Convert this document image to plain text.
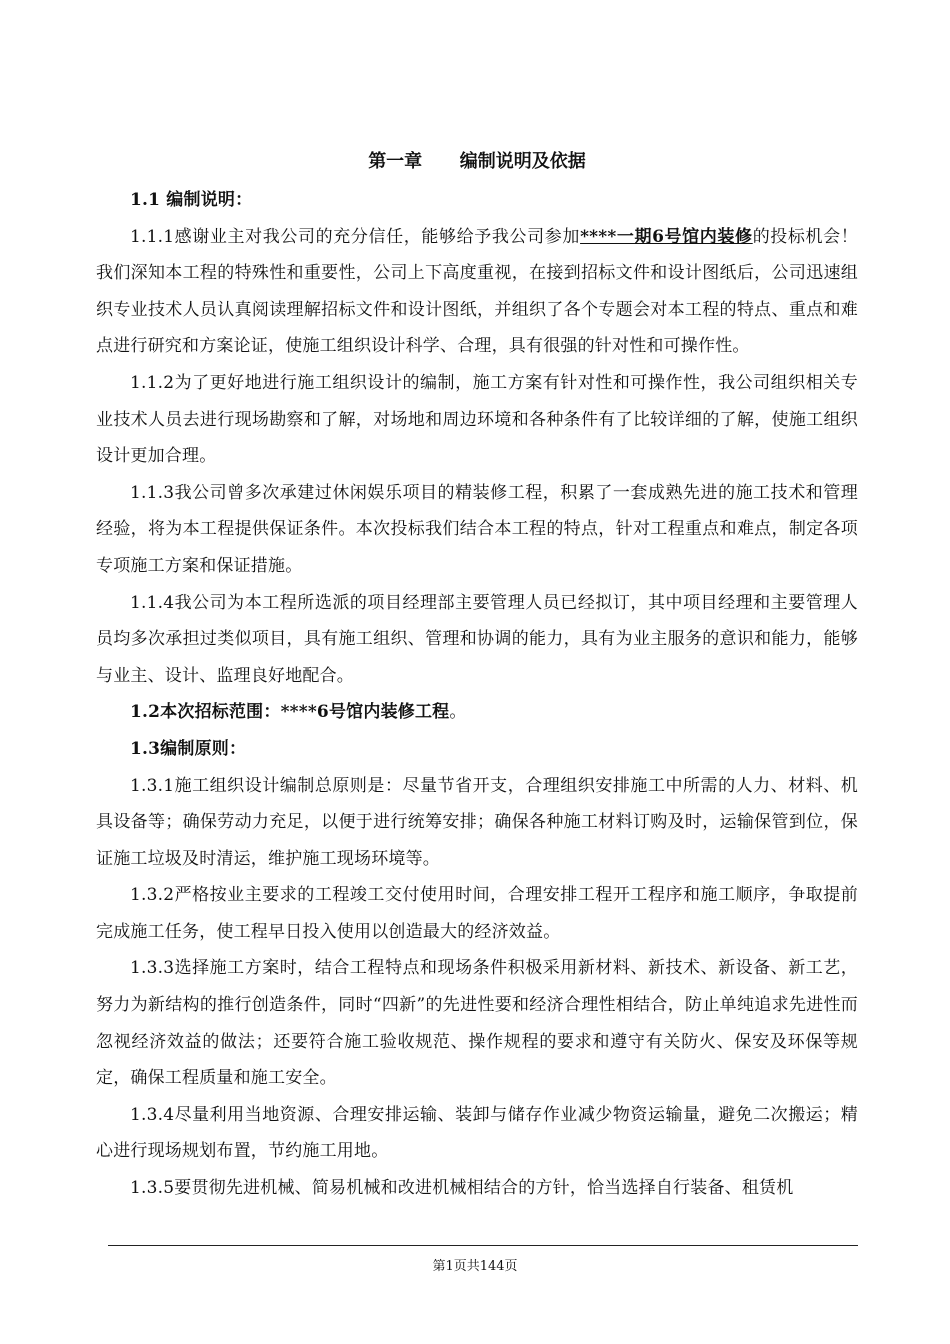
第一章      编制说明及依据

1.1 编制说明：

1.1.1感谢业主对我公司的充分信任，能够给予我公司参加****一期6号馆内装修的投标机会！我们深知本工程的特殊性和重要性，公司上下高度重视，在接到招标文件和设计图纸后，公司迅速组织专业技术人员认真阅读理解招标文件和设计图纸，并组织了各个专题会对本工程的特点、重点和难点进行研究和方案论证，使施工组织设计科学、合理，具有很强的针对性和可操作性。

1.1.2为了更好地进行施工组织设计的编制，施工方案有针对性和可操作性，我公司组织相关专业技术人员去进行现场勘察和了解，对场地和周边环境和各种条件有了比较详细的了解，使施工组织设计更加合理。

1.1.3我公司曾多次承建过休闲娱乐项目的精装修工程，积累了一套成熟先进的施工技术和管理经验，将为本工程提供保证条件。本次投标我们结合本工程的特点，针对工程重点和难点，制定各项专项施工方案和保证措施。

1.1.4我公司为本工程所选派的项目经理部主要管理人员已经拟订，其中项目经理和主要管理人员均多次承担过类似项目，具有施工组织、管理和协调的能力，具有为业主服务的意识和能力，能够与业主、设计、监理良好地配合。

1.2本次招标范围：****6号馆内装修工程。

1.3编制原则：

1.3.1施工组织设计编制总原则是：尽量节省开支，合理组织安排施工中所需的人力、材料、机具设备等；确保劳动力充足，以便于进行统筹安排；确保各种施工材料订购及时，运输保管到位，保证施工垃圾及时清运，维护施工现场环境等。

1.3.2严格按业主要求的工程竣工交付使用时间，合理安排工程开工程序和施工顺序，争取提前完成施工任务，使工程早日投入使用以创造最大的经济效益。

1.3.3选择施工方案时，结合工程特点和现场条件积极采用新材料、新技术、新设备、新工艺，努力为新结构的推行创造条件，同时“四新”的先进性要和经济合理性相结合，防止单纯追求先进性而忽视经济效益的做法；还要符合施工验收规范、操作规程的要求和遵守有关防火、保安及环保等规定，确保工程质量和施工安全。

1.3.4尽量利用当地资源、合理安排运输、装卸与储存作业减少物资运输量，避免二次搬运；精心进行现场规划布置，节约施工用地。

1.3.5要贯彻先进机械、简易机械和改进机械相结合的方针，恰当选择自行装备、租赁机

第1页共144页
